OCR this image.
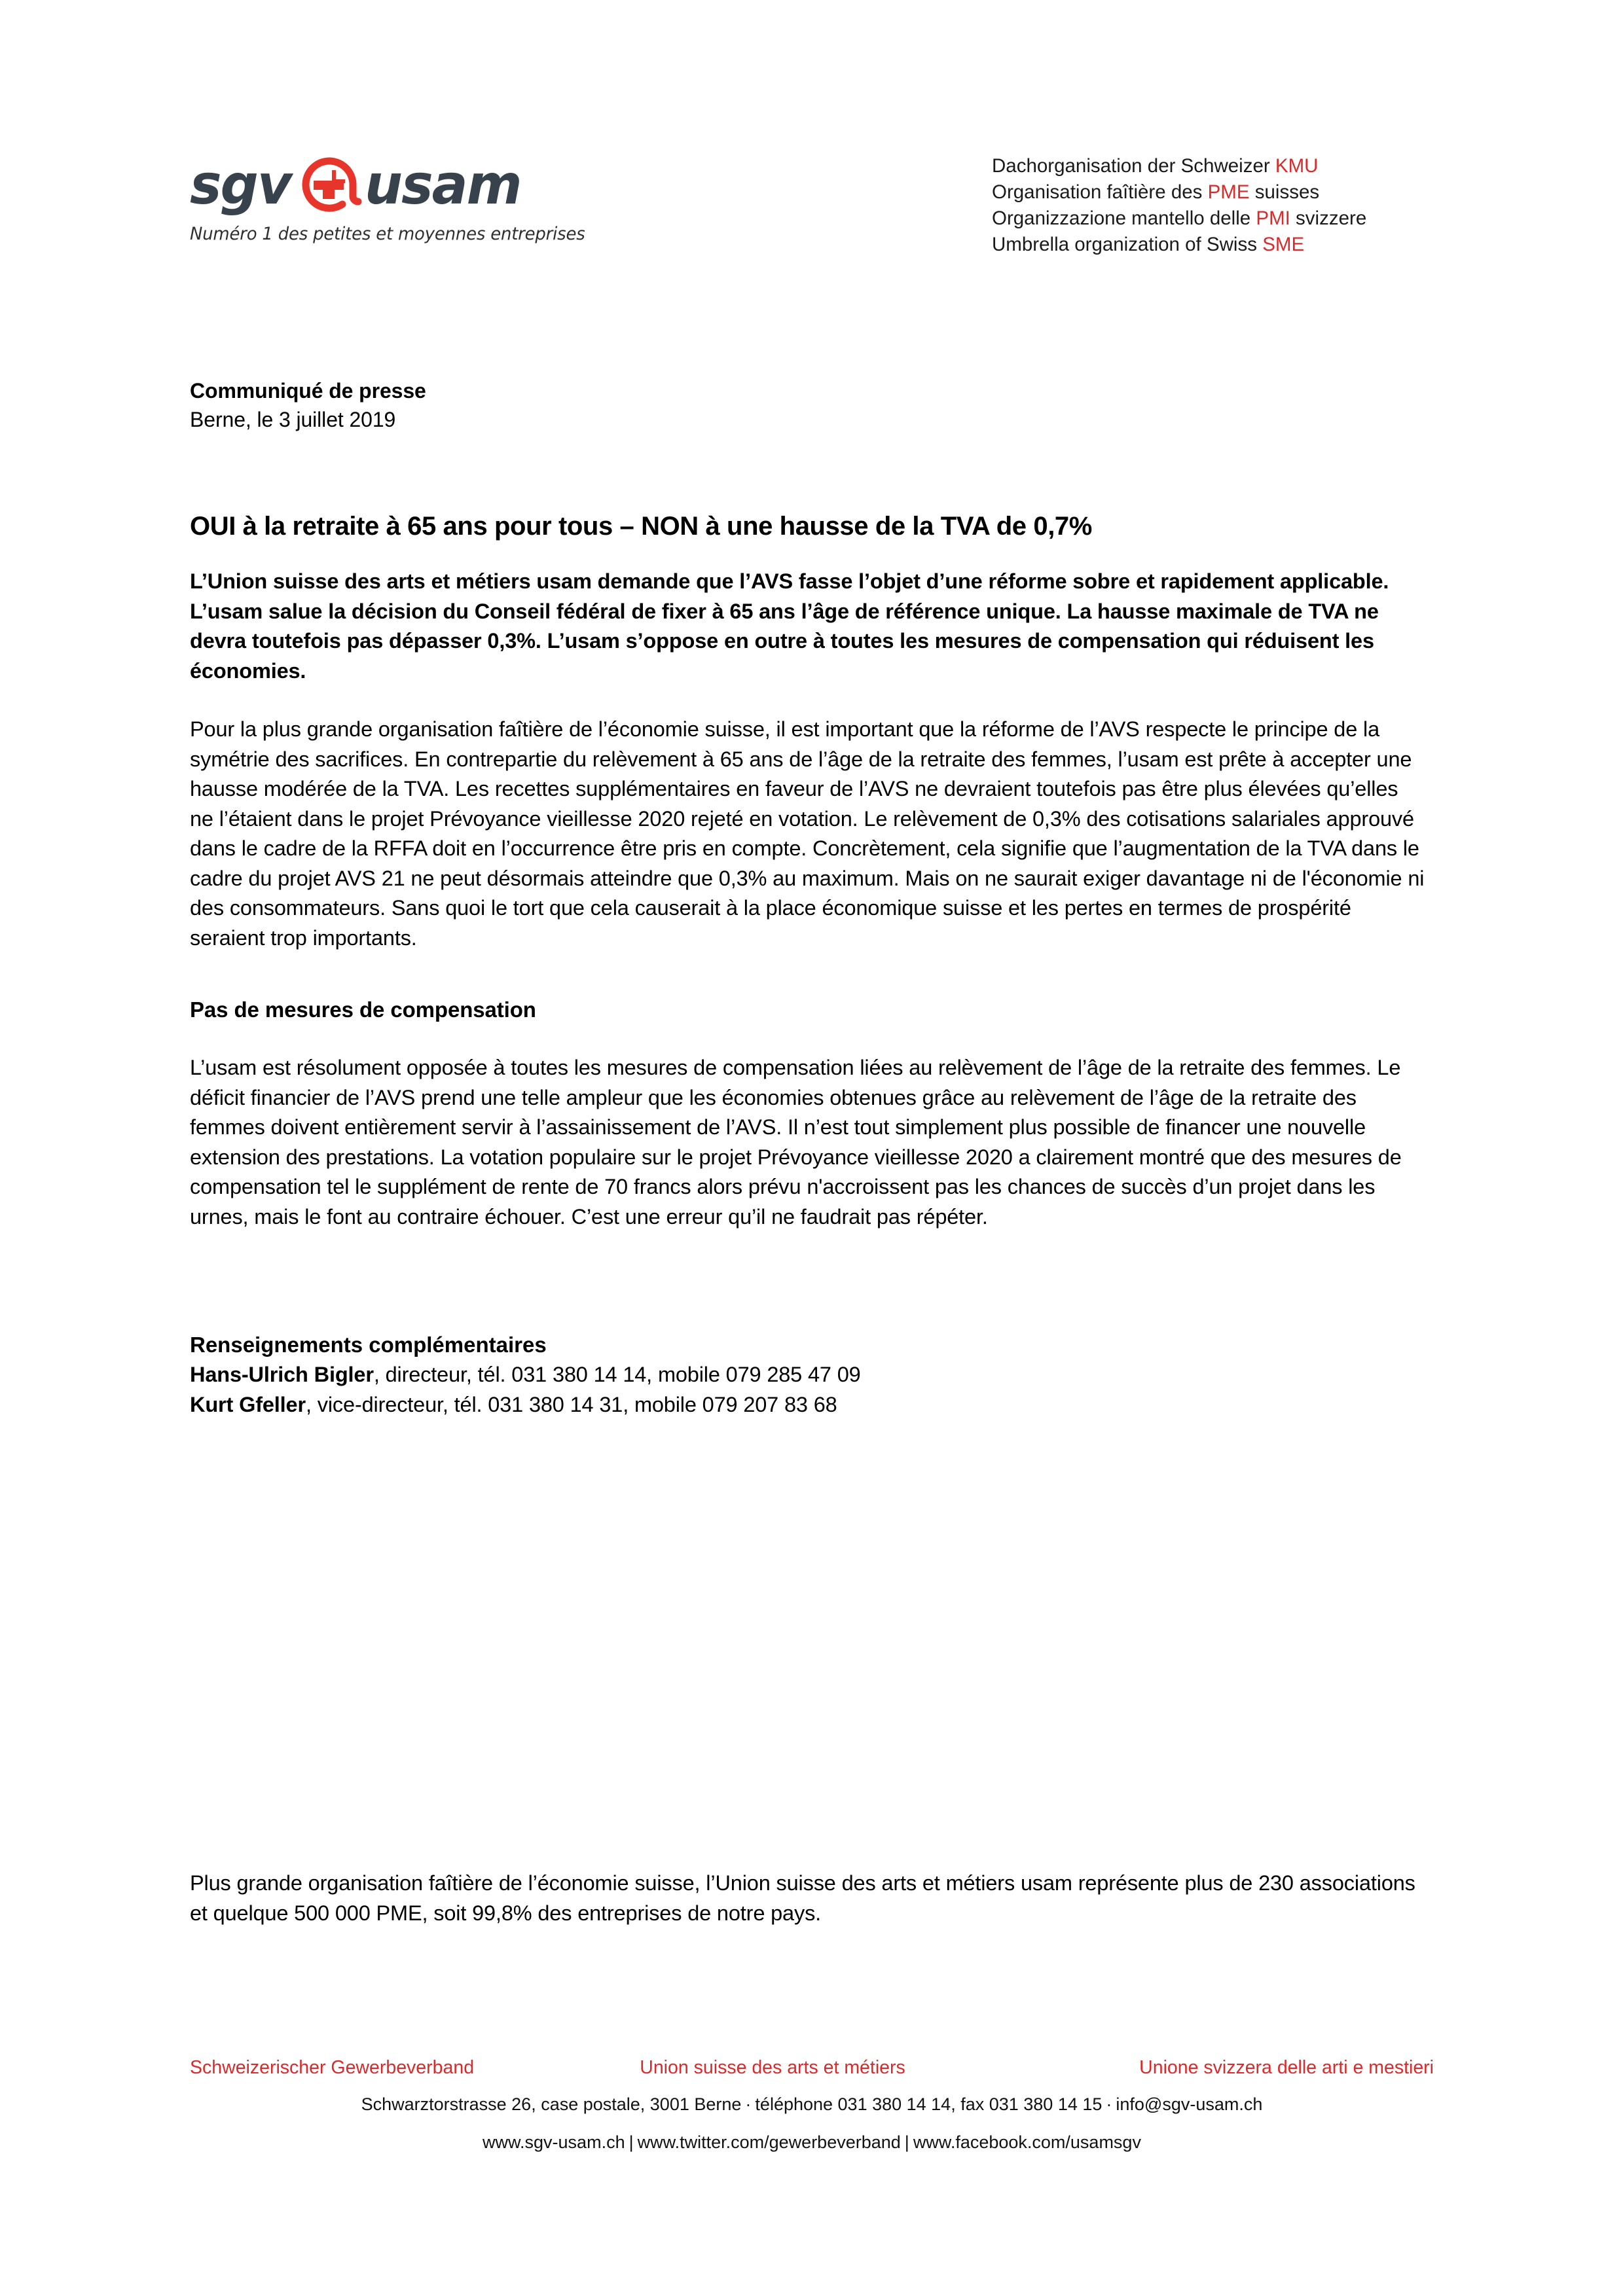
sgv usam
Numéro 1 des petites et moyennes entreprises
Dachorganisation der Schweizer KMU
Organisation faîtière des PME suisses
Organizzazione mantello delle PMI svizzere
Umbrella organization of Swiss SME
Communiqué de presse
Berne, le 3 juillet 2019
OUI à la retraite à 65 ans pour tous – NON à une hausse de la TVA de 0,7%
L’Union suisse des arts et métiers usam demande que l’AVS fasse l’objet d’une réforme sobre et rapidement applicable. L’usam salue la décision du Conseil fédéral de fixer à 65 ans l’âge de référence unique. La hausse maximale de TVA ne devra toutefois pas dépasser 0,3%. L’usam s’oppose en outre à toutes les mesures de compensation qui réduisent les économies.

Pour la plus grande organisation faîtière de l’économie suisse, il est important que la réforme de l’AVS respecte le principe de la symétrie des sacrifices. En contrepartie du relèvement à 65 ans de l’âge de la retraite des femmes, l’usam est prête à accepter une hausse modérée de la TVA. Les recettes supplémentaires en faveur de l’AVS ne devraient toutefois pas être plus élevées qu’elles ne l’étaient dans le projet Prévoyance vieillesse 2020 rejeté en votation. Le relèvement de 0,3% des cotisations salariales approuvé dans le cadre de la RFFA doit en l’occurrence être pris en compte. Concrètement, cela signifie que l’augmentation de la TVA dans le cadre du projet AVS 21 ne peut désormais atteindre que 0,3% au maximum. Mais on ne saurait exiger davantage ni de l'économie ni des consommateurs. Sans quoi le tort que cela causerait à la place économique suisse et les pertes en termes de prospérité seraient trop importants.

Pas de mesures de compensation

L’usam est résolument opposée à toutes les mesures de compensation liées au relèvement de l’âge de la retraite des femmes. Le déficit financier de l’AVS prend une telle ampleur que les économies obtenues grâce au relèvement de l’âge de la retraite des femmes doivent entièrement servir à l’assainissement de l’AVS. Il n’est tout simplement plus possible de financer une nouvelle extension des prestations. La votation populaire sur le projet Prévoyance vieillesse 2020 a clairement montré que des mesures de compensation tel le supplément de rente de 70 francs alors prévu n'accroissent pas les chances de succès d’un projet dans les urnes, mais le font au contraire échouer. C’est une erreur qu’il ne faudrait pas répéter.

Renseignements complémentaires
Hans-Ulrich Bigler, directeur, tél. 031 380 14 14, mobile 079 285 47 09
Kurt Gfeller, vice-directeur, tél. 031 380 14 31, mobile 079 207 83 68
Plus grande organisation faîtière de l’économie suisse, l’Union suisse des arts et métiers usam représente plus de 230 associations et quelque 500 000 PME, soit 99,8% des entreprises de notre pays.
Schweizerischer Gewerbeverband	Union suisse des arts et métiers	Unione svizzera delle arti e mestieri
Schwarztorstrasse 26, case postale, 3001 Berne · téléphone 031 380 14 14, fax 031 380 14 15 · info@sgv-usam.ch
www.sgv-usam.ch | www.twitter.com/gewerbeverband | www.facebook.com/usamsgv
